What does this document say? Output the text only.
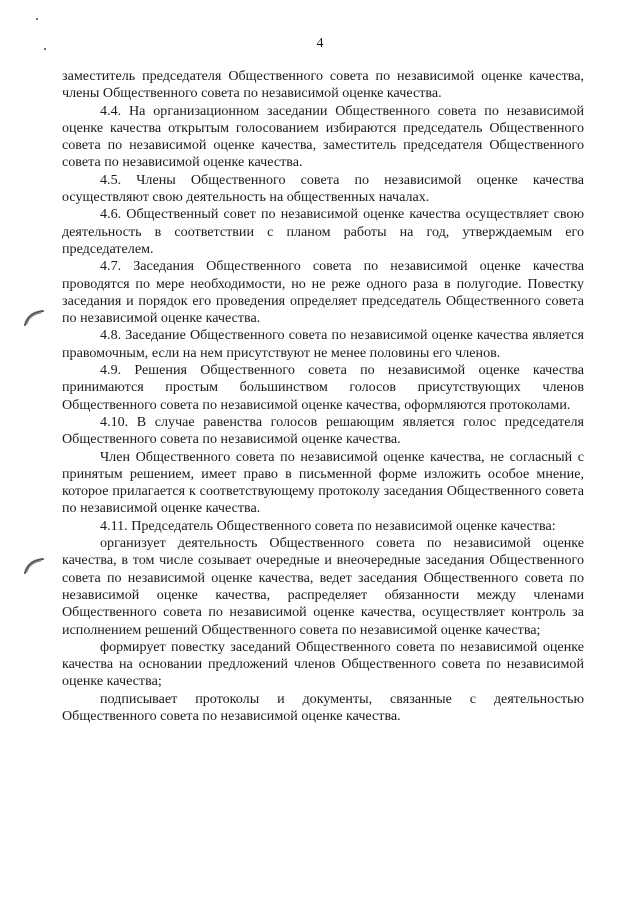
4

заместитель председателя Общественного совета по независимой оценке качества, члены Общественного совета по независимой оценке качества.

4.4. На организационном заседании Общественного совета по независимой оценке качества открытым голосованием избираются председатель Общественного совета по независимой оценке качества, заместитель председателя Общественного совета по независимой оценке качества.

4.5. Члены Общественного совета по независимой оценке качества осуществляют свою деятельность на общественных началах.

4.6. Общественный совет по независимой оценке качества осуществляет свою деятельность в соответствии с планом работы на год, утверждаемым его председателем.

4.7. Заседания Общественного совета по независимой оценке качества проводятся по мере необходимости, но не реже одного раза в полугодие. Повестку заседания и порядок его проведения определяет председатель Общественного совета по независимой оценке качества.

4.8. Заседание Общественного совета по независимой оценке качества является правомочным, если на нем присутствуют не менее половины его членов.

4.9. Решения Общественного совета по независимой оценке качества принимаются простым большинством голосов присутствующих членов Общественного совета по независимой оценке качества, оформляются протоколами.

4.10. В случае равенства голосов решающим является голос председателя Общественного совета по независимой оценке качества.

Член Общественного совета по независимой оценке качества, не согласный с принятым решением, имеет право в письменной форме изложить особое мнение, которое прилагается к соответствующему протоколу заседания Общественного совета по независимой оценке качества.

4.11. Председатель Общественного совета по независимой оценке качества:

организует деятельность Общественного совета по независимой оценке качества, в том числе созывает очередные и внеочередные заседания Общественного совета по независимой оценке качества, ведет заседания Общественного совета по независимой оценке качества, распределяет обязанности между членами Общественного совета по независимой оценке качества, осуществляет контроль за исполнением решений Общественного совета по независимой оценке качества;

формирует повестку заседаний Общественного совета по независимой оценке качества на основании предложений членов Общественного совета по независимой оценке качества;

подписывает протоколы и документы, связанные с деятельностью Общественного совета по независимой оценке качества.
